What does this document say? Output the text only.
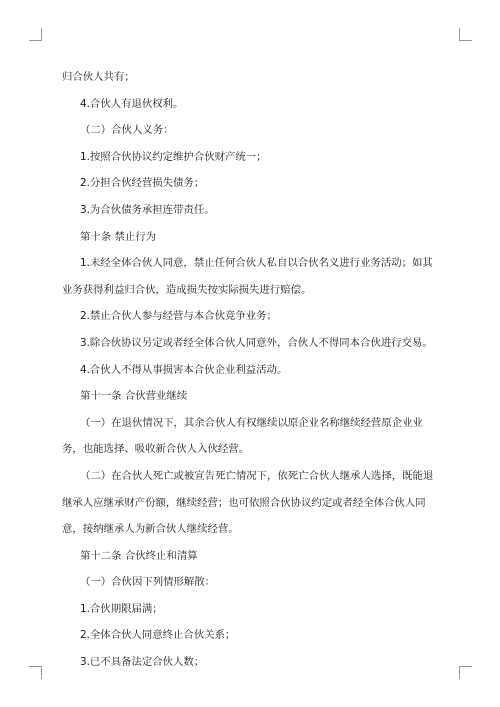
归合伙人共有；

4.合伙人有退伙权利。

（二）合伙人义务：

1.按照合伙协议约定维护合伙财产统一；

2.分担合伙经营损失债务；

3.为合伙债务承担连带责任。

第十条 禁止行为

1.未经全体合伙人同意，禁止任何合伙人私自以合伙名义进行业务活动；如其业务获得利益归合伙，造成损失按实际损失进行赔偿。

2.禁止合伙人参与经营与本合伙竞争业务；

3.除合伙协议另定或者经全体合伙人同意外，合伙人不得同本合伙进行交易。

4.合伙人不得从事损害本合伙企业利益活动。

第十一条 合伙营业继续

（一）在退伙情况下，其余合伙人有权继续以原企业名称继续经营原企业业务，也能选择、吸收新合伙人入伙经营。

（二）在合伙人死亡或被宣告死亡情况下，依死亡合伙人继承人选择，既能退继承人应继承财产份额，继续经营；也可依照合伙协议约定或者经全体合伙人同意，接纳继承人为新合伙人继续经营。

第十二条 合伙终止和清算

（一）合伙因下列情形解散：

1.合伙期限届满；

2.全体合伙人同意终止合伙关系；

3.已不具备法定合伙人数；
